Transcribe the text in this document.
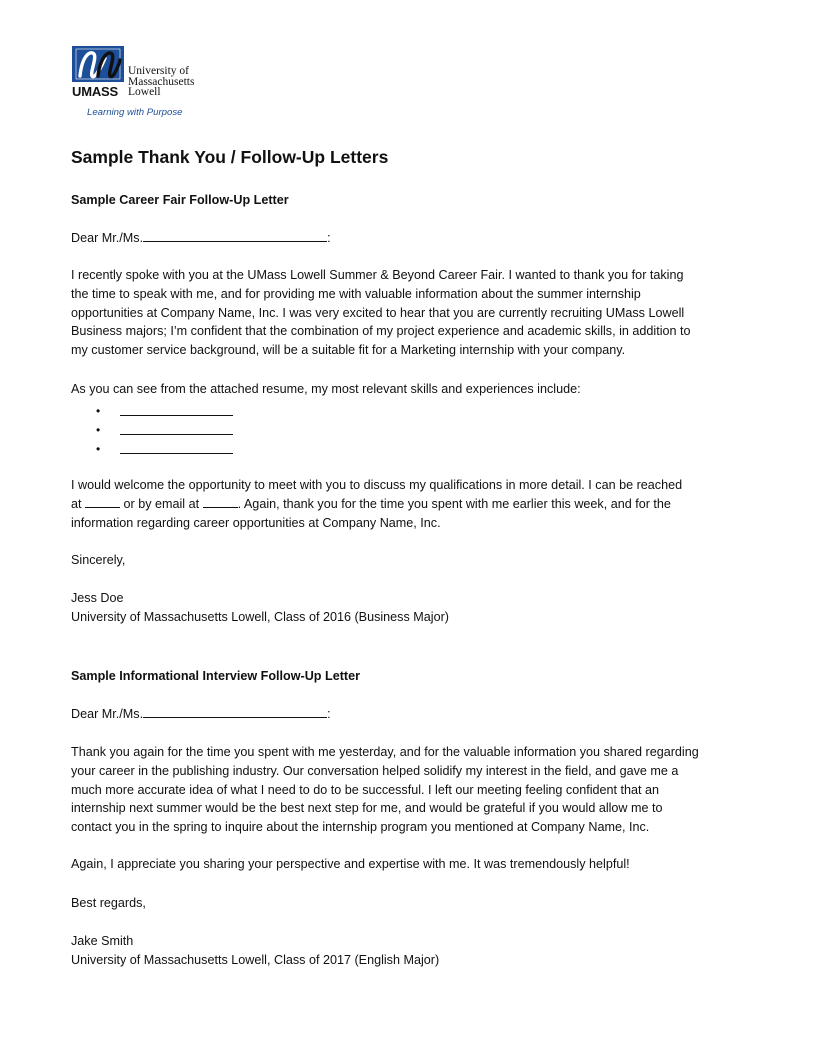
UMASS
University of
Massachusetts
Lowell
Learning with Purpose
Sample Thank You / Follow-Up Letters
Sample Career Fair Follow-Up Letter

Dear Mr./Ms.	:

I recently spoke with you at the UMass Lowell Summer & Beyond Career Fair. I wanted to thank you for taking
the time to speak with me, and for providing me with valuable information about the summer internship
opportunities at Company Name, Inc. I was very excited to hear that you are currently recruiting UMass Lowell
Business majors; I’m confident that the combination of my project experience and academic skills, in addition to
my customer service background, will be a suitable fit for a Marketing internship with your company.

As you can see from the attached resume, my most relevant skills and experiences include:

•
•
•

I would welcome the opportunity to meet with you to discuss my qualifications in more detail. I can be reached
at	or by email at	. Again, thank you for the time you spent with me earlier this week, and for the
information regarding career opportunities at Company Name, Inc.

Sincerely,

Jess Doe

University of Massachusetts Lowell, Class of 2016 (Business Major)

Sample Informational Interview Follow-Up Letter

Dear Mr./Ms.	:

Thank you again for the time you spent with me yesterday, and for the valuable information you shared regarding
your career in the publishing industry. Our conversation helped solidify my interest in the field, and gave me a
much more accurate idea of what I need to do to be successful. I left our meeting feeling confident that an
internship next summer would be the best next step for me, and would be grateful if you would allow me to
contact you in the spring to inquire about the internship program you mentioned at Company Name, Inc.

Again, I appreciate you sharing your perspective and expertise with me. It was tremendously helpful!

Best regards,

Jake Smith

University of Massachusetts Lowell, Class of 2017 (English Major)
